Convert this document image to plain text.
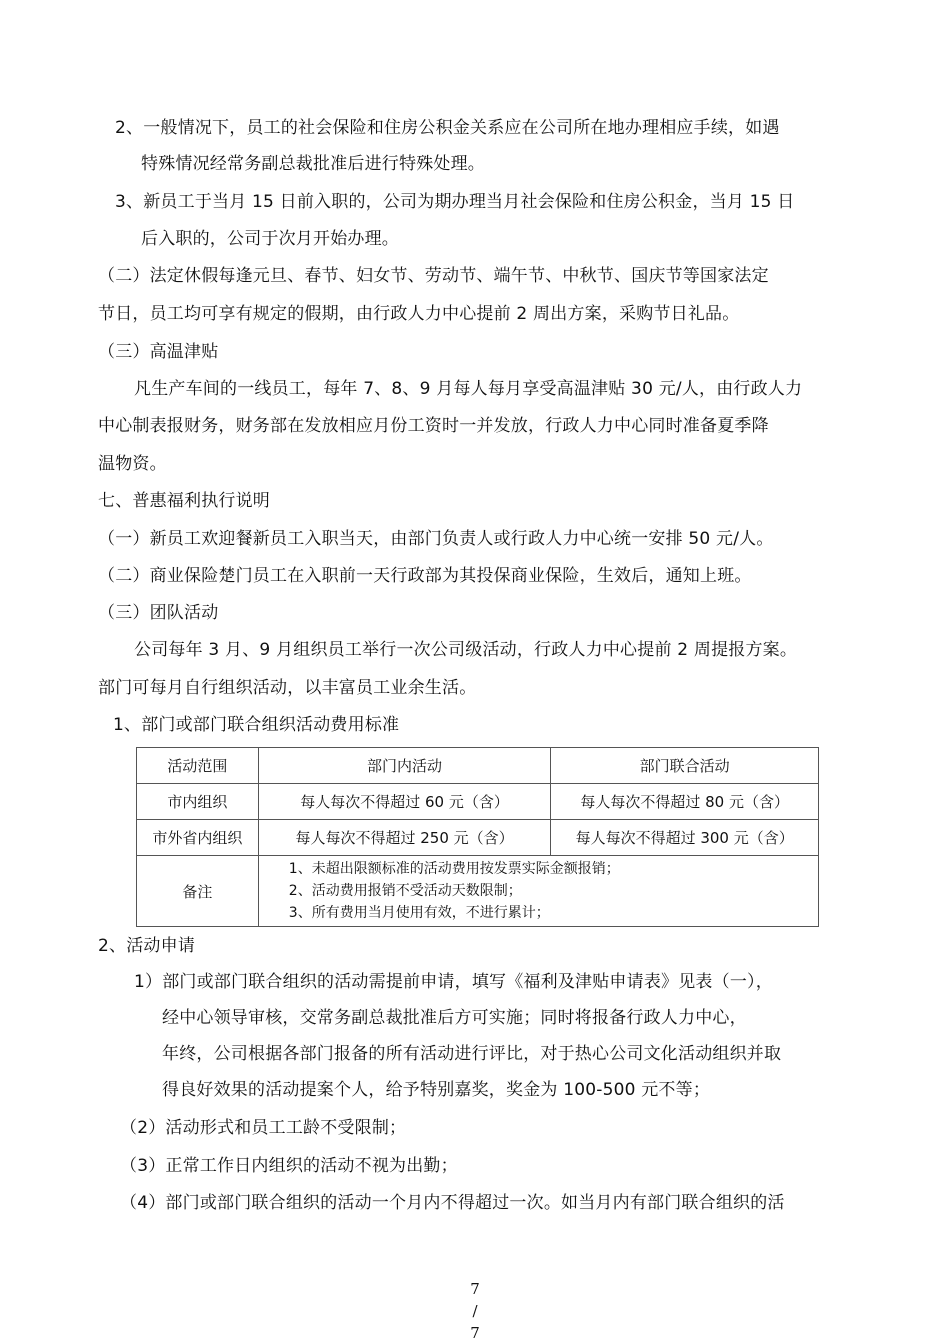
2、一般情况下，员工的社会保险和住房公积金关系应在公司所在地办理相应手续，如遇
特殊情况经常务副总裁批准后进行特殊处理。
3、新员工于当月 15 日前入职的，公司为期办理当月社会保险和住房公积金，当月 15 日
后入职的，公司于次月开始办理。
（二）法定休假每逢元旦、春节、妇女节、劳动节、端午节、中秋节、国庆节等国家法定
节日，员工均可享有规定的假期，由行政人力中心提前 2 周出方案，采购节日礼品。
（三）高温津贴
凡生产车间的一线员工，每年 7、8、9 月每人每月享受高温津贴 30 元/人，由行政人力
中心制表报财务，财务部在发放相应月份工资时一并发放，行政人力中心同时准备夏季降
温物资。
七、普惠福利执行说明
（一）新员工欢迎餐新员工入职当天，由部门负责人或行政人力中心统一安排 50 元/人。
（二）商业保险楚门员工在入职前一天行政部为其投保商业保险，生效后，通知上班。
（三）团队活动
公司每年 3 月、9 月组织员工举行一次公司级活动，行政人力中心提前 2 周提报方案。
部门可每月自行组织活动，以丰富员工业余生活。
1、部门或部门联合组织活动费用标准
活动范围	部门内活动	部门联合活动
市内组织	每人每次不得超过 60 元（含）	每人每次不得超过 80 元（含）
市外省内组织	每人每次不得超过 250 元（含）	每人每次不得超过 300 元（含）
备注	1、未超出限额标准的活动费用按发票实际金额报销；
2、活动费用报销不受活动天数限制；
3、所有费用当月使用有效，不进行累计；	
2、活动申请
1）部门或部门联合组织的活动需提前申请，填写《福利及津贴申请表》见表（一），
经中心领导审核，交常务副总裁批准后方可实施；同时将报备行政人力中心，
年终，公司根据各部门报备的所有活动进行评比，对于热心公司文化活动组织并取
得良好效果的活动提案个人，给予特别嘉奖，奖金为 100-500 元不等；
（2）活动形式和员工工龄不受限制；
（3）正常工作日内组织的活动不视为出勤；
（4）部门或部门联合组织的活动一个月内不得超过一次。如当月内有部门联合组织的活
7
/
7
